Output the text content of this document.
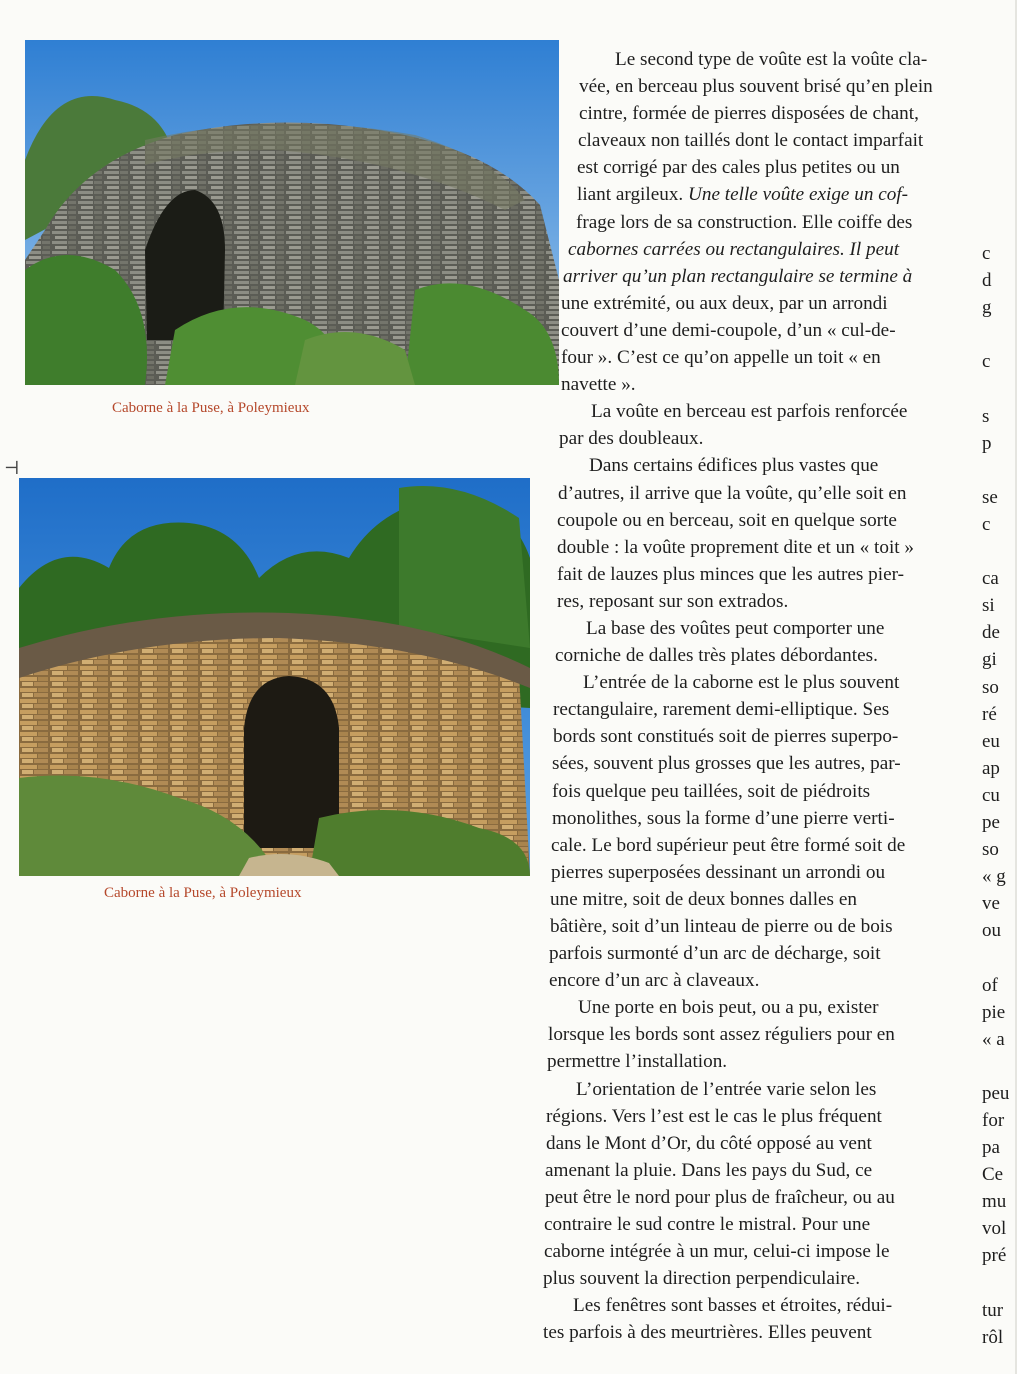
Caborne à la Puse, à Poleymieux
⊣
Caborne à la Puse, à Poleymieux
Le second type de voûte est la voûte cla-
vée, en berceau plus souvent brisé qu’en plein
cintre, formée de pierres disposées de chant,
claveaux non taillés dont le contact imparfait
est corrigé par des cales plus petites ou un
liant argileux. Une telle voûte exige un cof-
frage lors de sa construction. Elle coiffe des
cabornes carrées ou rectangulaires. Il peut
arriver qu’un plan rectangulaire se termine à
une extrémité, ou aux deux, par un arrondi
couvert d’une demi-coupole, d’un « cul-de-
four ». C’est ce qu’on appelle un toit « en
navette ».
La voûte en berceau est parfois renforcée
par des doubleaux.
Dans certains édifices plus vastes que
d’autres, il arrive que la voûte, qu’elle soit en
coupole ou en berceau, soit en quelque sorte
double : la voûte proprement dite et un « toit »
fait de lauzes plus minces que les autres pier-
res, reposant sur son extrados.
La base des voûtes peut comporter une
corniche de dalles très plates débordantes.
L’entrée de la caborne est le plus souvent
rectangulaire, rarement demi-elliptique. Ses
bords sont constitués soit de pierres superpo-
sées, souvent plus grosses que les autres, par-
fois quelque peu taillées, soit de piédroits
monolithes, sous la forme d’une pierre verti-
cale. Le bord supérieur peut être formé soit de
pierres superposées dessinant un arrondi ou
une mitre, soit de deux bonnes dalles en
bâtière, soit d’un linteau de pierre ou de bois
parfois surmonté d’un arc de décharge, soit
encore d’un arc à claveaux.
Une porte en bois peut, ou a pu, exister
lorsque les bords sont assez réguliers pour en
permettre l’installation.
L’orientation de l’entrée varie selon les
régions. Vers l’est est le cas le plus fréquent
dans le Mont d’Or, du côté opposé au vent
amenant la pluie. Dans les pays du Sud, ce
peut être le nord pour plus de fraîcheur, ou au
contraire le sud contre le mistral. Pour une
caborne intégrée à un mur, celui-ci impose le
plus souvent la direction perpendiculaire.
Les fenêtres sont basses et étroites, rédui-
tes parfois à des meurtrières. Elles peuvent
c
d
g
c
s
p
se
c
ca
si
de
gi
so
ré
eu
ap
cu
pe
so
« g
ve
ou
of
pie
« a
peu
for
pa
Ce
mu
vol
pré
tur
rôl
